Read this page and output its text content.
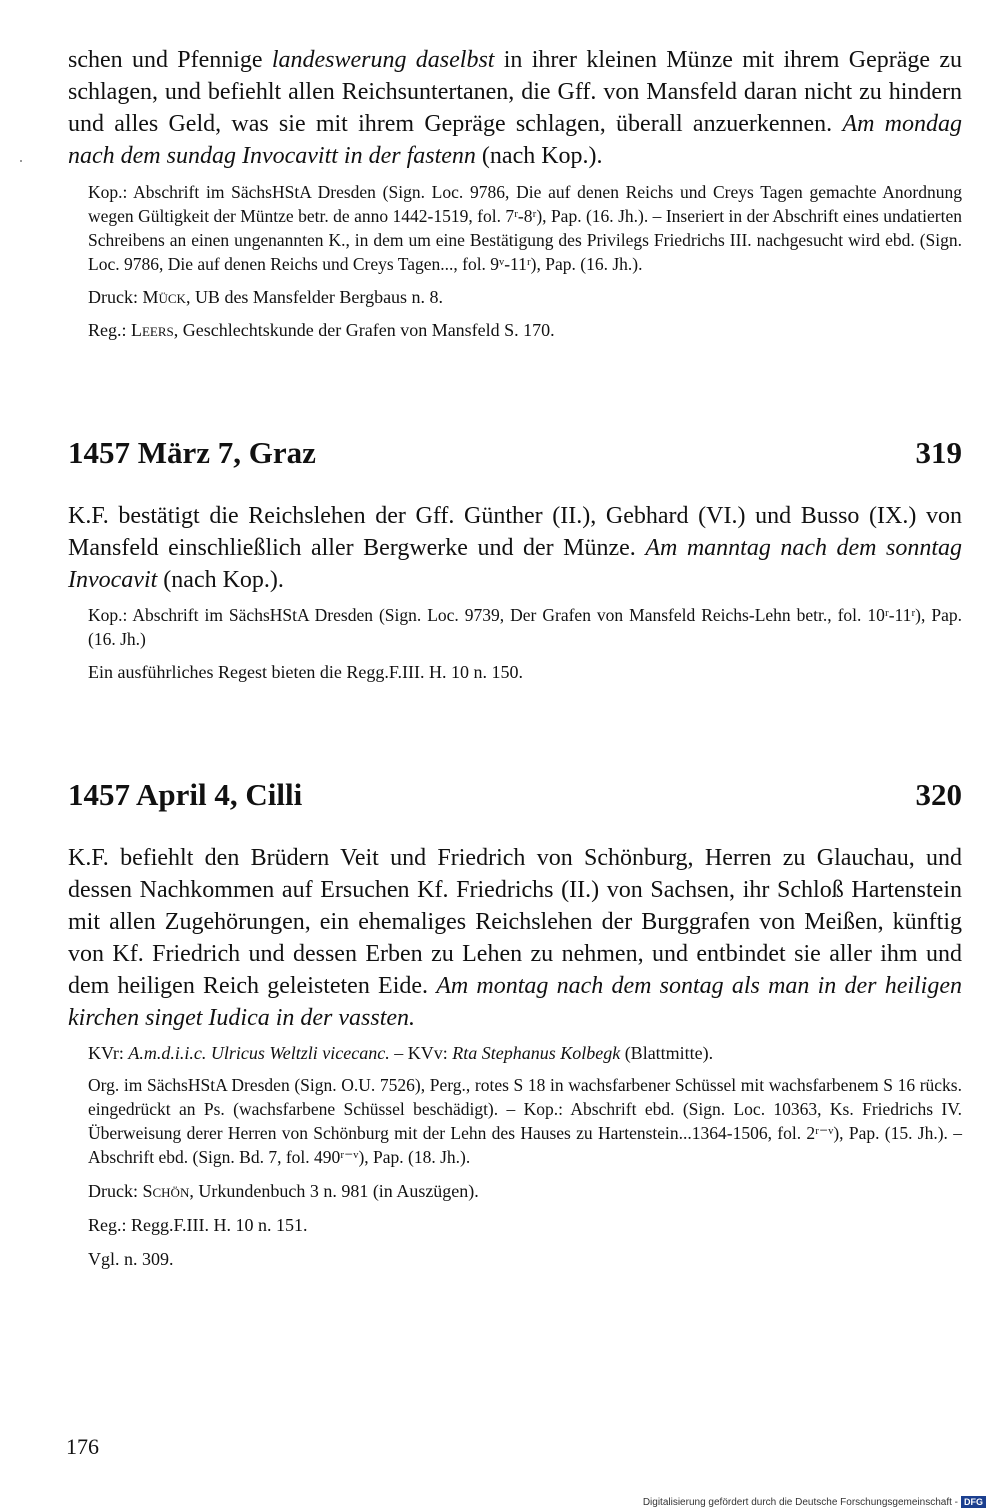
schen und Pfennige landeswerung daselbst in ihrer kleinen Münze mit ihrem Gepräge zu schlagen, und befiehlt allen Reichsuntertanen, die Gff. von Mansfeld daran nicht zu hindern und alles Geld, was sie mit ihrem Gepräge schlagen, überall anzuerkennen. Am mondag nach dem sundag Invocavitt in der fastenn (nach Kop.).

Kop.: Abschrift im SächsHStA Dresden (Sign. Loc. 9786, Die auf denen Reichs und Creys Tagen gemachte Anordnung wegen Gültigkeit der Müntze betr. de anno 1442-1519, fol. 7ʳ-8ʳ), Pap. (16. Jh.). – Inseriert in der Abschrift eines undatierten Schreibens an einen ungenannten K., in dem um eine Bestätigung des Privilegs Friedrichs III. nachgesucht wird ebd. (Sign. Loc. 9786, Die auf denen Reichs und Creys Tagen..., fol. 9ᵛ-11ʳ), Pap. (16. Jh.).

Druck: Mück, UB des Mansfelder Bergbaus n. 8.

Reg.: Leers, Geschlechtskunde der Grafen von Mansfeld S. 170.

1457 März 7, Graz	319

K.F. bestätigt die Reichslehen der Gff. Günther (II.), Gebhard (VI.) und Busso (IX.) von Mansfeld einschließlich aller Bergwerke und der Münze. Am manntag nach dem sonntag Invocavit (nach Kop.).

Kop.: Abschrift im SächsHStA Dresden (Sign. Loc. 9739, Der Grafen von Mansfeld Reichs-Lehn betr., fol. 10ʳ-11ʳ), Pap. (16. Jh.)

Ein ausführliches Regest bieten die Regg.F.III. H. 10 n. 150.

1457 April 4, Cilli	320

K.F. befiehlt den Brüdern Veit und Friedrich von Schönburg, Herren zu Glauchau, und dessen Nachkommen auf Ersuchen Kf. Friedrichs (II.) von Sachsen, ihr Schloß Hartenstein mit allen Zugehörungen, ein ehemaliges Reichslehen der Burggrafen von Meißen, künftig von Kf. Friedrich und dessen Erben zu Lehen zu nehmen, und entbindet sie aller ihm und dem heiligen Reich geleisteten Eide. Am montag nach dem sontag als man in der heiligen kirchen singet Iudica in der vassten.

KVr: A.m.d.i.i.c. Ulricus Weltzli vicecanc. – KVv: Rta Stephanus Kolbegk (Blattmitte).

Org. im SächsHStA Dresden (Sign. O.U. 7526), Perg., rotes S 18 in wachsfarbener Schüssel mit wachsfarbenem S 16 rücks. eingedrückt an Ps. (wachsfarbene Schüssel beschädigt). – Kop.: Abschrift ebd. (Sign. Loc. 10363, Ks. Friedrichs IV. Überweisung derer Herren von Schönburg mit der Lehn des Hauses zu Hartenstein...1364-1506, fol. 2ʳ⁻ᵛ), Pap. (15. Jh.). – Abschrift ebd. (Sign. Bd. 7, fol. 490ʳ⁻ᵛ), Pap. (18. Jh.).

Druck: Schön, Urkundenbuch 3 n. 981 (in Auszügen).

Reg.: Regg.F.III. H. 10 n. 151.

Vgl. n. 309.

176
Digitalisierung gefördert durch die Deutsche Forschungsgemeinschaft - DFG
